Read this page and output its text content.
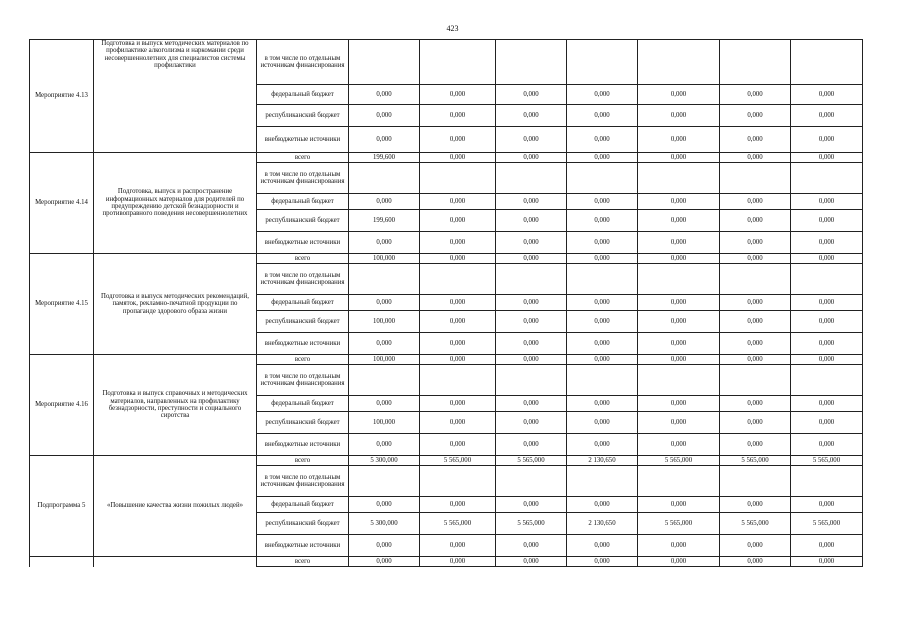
423
Мероприятие 4.13	Подготовка и выпуск методических материалов по профилактике алкоголизма и наркомании среди несовершеннолетних для специалистов системы профилактики	в том числе по отдельным источникам финансирования							
		федеральный бюджет	0,000	0,000	0,000	0,000	0,000	0,000	0,000
		республиканский бюджет	0,000	0,000	0,000	0,000	0,000	0,000	0,000
		внебюджетные источники	0,000	0,000	0,000	0,000	0,000	0,000	0,000
Мероприятие 4.14	Подготовка, выпуск и распространение информационных материалов для родителей по предупреждению детской безнадзорности и противоправного поведения несовершеннолетних	всего	199,600	0,000	0,000	0,000	0,000	0,000	0,000
		в том числе по отдельным источникам финансирования							
		федеральный бюджет	0,000	0,000	0,000	0,000	0,000	0,000	0,000
		республиканский бюджет	199,600	0,000	0,000	0,000	0,000	0,000	0,000
		внебюджетные источники	0,000	0,000	0,000	0,000	0,000	0,000	0,000
Мероприятие 4.15	Подготовка и выпуск методических рекомендаций, памяток, рекламно-печатной продукции по пропаганде здорового образа жизни	всего	100,000	0,000	0,000	0,000	0,000	0,000	0,000
		в том числе по отдельным источникам финансирования							
		федеральный бюджет	0,000	0,000	0,000	0,000	0,000	0,000	0,000
		республиканский бюджет	100,000	0,000	0,000	0,000	0,000	0,000	0,000
		внебюджетные источники	0,000	0,000	0,000	0,000	0,000	0,000	0,000
Мероприятие 4.16	Подготовка и выпуск справочных и методических материалов, направленных на профилактику безнадзорности, преступности и социального сиротства	всего	100,000	0,000	0,000	0,000	0,000	0,000	0,000
		в том числе по отдельным источникам финансирования							
		федеральный бюджет	0,000	0,000	0,000	0,000	0,000	0,000	0,000
		республиканский бюджет	100,000	0,000	0,000	0,000	0,000	0,000	0,000
		внебюджетные источники	0,000	0,000	0,000	0,000	0,000	0,000	0,000
Подпрограмма 5	«Повышение качества жизни пожилых людей»	всего	5 300,000	5 565,000	5 565,000	2 130,650	5 565,000	5 565,000	5 565,000
		в том числе по отдельным источникам финансирования							
		федеральный бюджет	0,000	0,000	0,000	0,000	0,000	0,000	0,000
		республиканский бюджет	5 300,000	5 565,000	5 565,000	2 130,650	5 565,000	5 565,000	5 565,000
		внебюджетные источники	0,000	0,000	0,000	0,000	0,000	0,000	0,000
		всего	0,000	0,000	0,000	0,000	0,000	0,000	0,000
